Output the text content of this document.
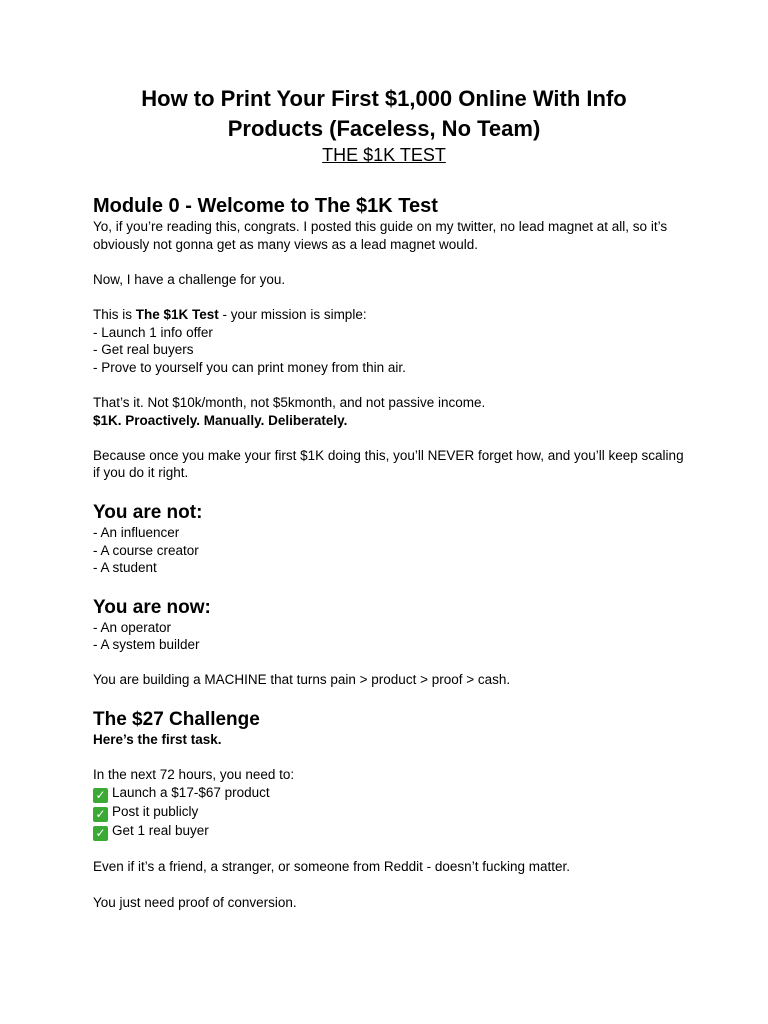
How to Print Your First $1,000 Online With Info Products (Faceless, No Team)
THE $1K TEST
Module 0 - Welcome to The $1K Test

Yo, if you’re reading this, congrats. I posted this guide on my twitter, no lead magnet at all, so it’s obviously not gonna get as many views as a lead magnet would.

Now, I have a challenge for you.

This is The $1K Test - your mission is simple:

- Launch 1 info offer

- Get real buyers

- Prove to yourself you can print money from thin air.

That’s it. Not $10k/month, not $5kmonth, and not passive income.

$1K. Proactively. Manually. Deliberately.

Because once you make your first $1K doing this, you’ll NEVER forget how, and you’ll keep scaling if you do it right.

You are not:

- An influencer

- A course creator

- A student

You are now:

- An operator

- A system builder

You are building a MACHINE that turns pain > product > proof > cash.

The $27 Challenge

Here’s the first task.

In the next 72 hours, you need to:

✓ Launch a $17-$67 product

✓ Post it publicly

✓ Get 1 real buyer

Even if it’s a friend, a stranger, or someone from Reddit - doesn’t fucking matter.

You just need proof of conversion.
